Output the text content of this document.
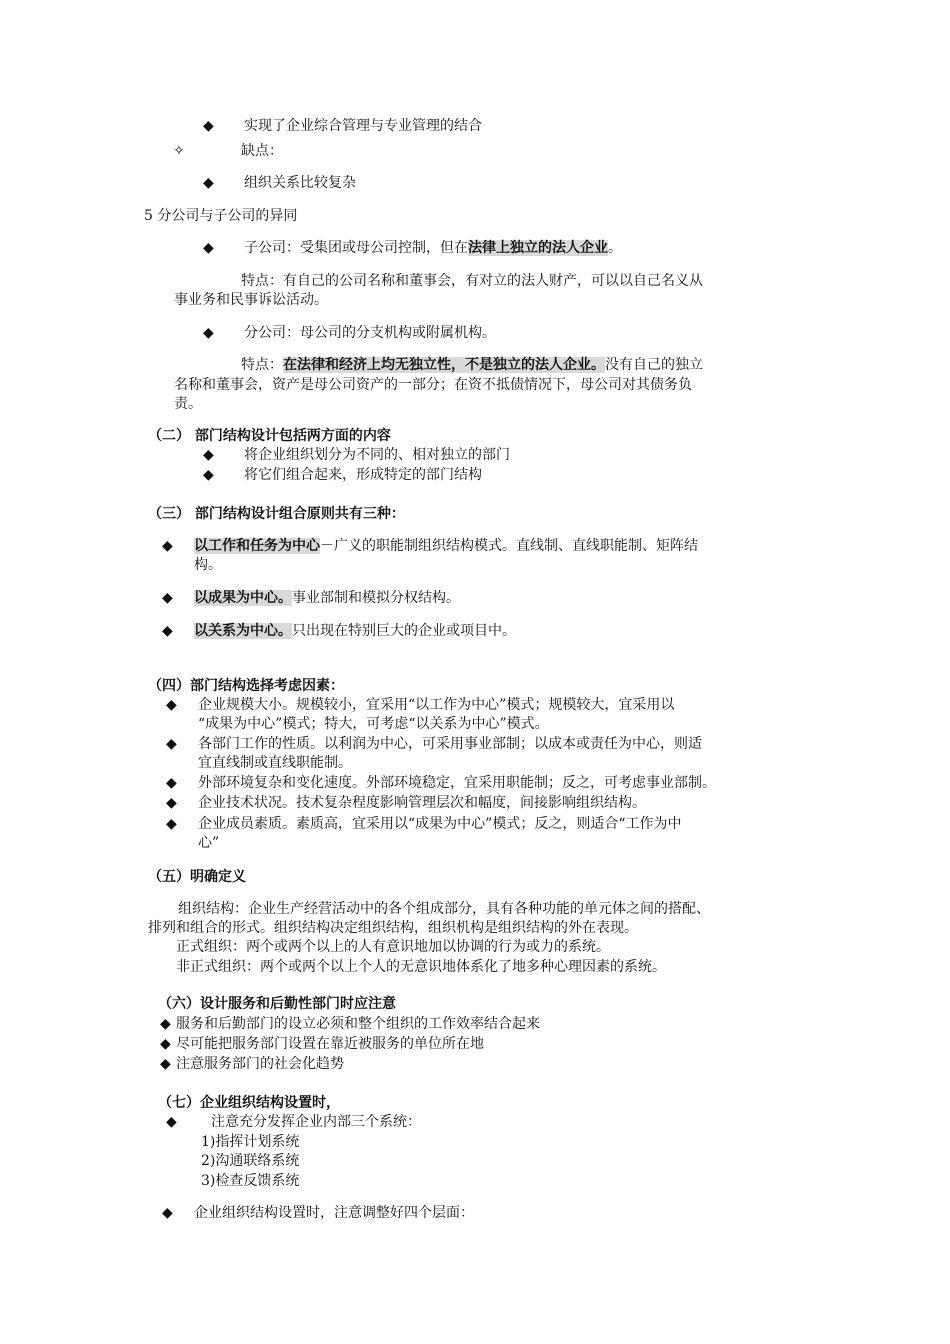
◆ 实现了企业综合管理与专业管理的结合
✧	缺点：
◆ 组织关系比较复杂
5 分公司与子公司的异同
◆ 子公司：受集团或母公司控制，但在法律上独立的法人企业。
特点：有自己的公司名称和董事会，有对立的法人财产，可以以自己名义从
事业务和民事诉讼活动。
◆ 分公司：母公司的分支机构或附属机构。
特点：在法律和经济上均无独立性，不是独立的法人企业。没有自己的独立
名称和董事会，资产是母公司资产的一部分；在资不抵债情况下，母公司对其债务负
责。
（二） 部门结构设计包括两方面的内容
◆ 将企业组织划分为不同的、相对独立的部门
◆ 将它们组合起来，形成特定的部门结构
（三） 部门结构设计组合原则共有三种：
◆ 以工作和任务为中心－广义的职能制组织结构模式。直线制、直线职能制、矩阵结
构。
◆ 以成果为中心。事业部制和模拟分权结构。
◆ 以关系为中心。只出现在特别巨大的企业或项目中。
（四）部门结构选择考虑因素：
◆ 企业规模大小。规模较小，宜采用“以工作为中心”模式；规模较大，宜采用以
“成果为中心”模式；特大，可考虑“以关系为中心”模式。
◆ 各部门工作的性质。以利润为中心，可采用事业部制；以成本或责任为中心，则适
宜直线制或直线职能制。
◆ 外部环境复杂和变化速度。外部环境稳定，宜采用职能制；反之，可考虑事业部制。
◆ 企业技术状况。技术复杂程度影响管理层次和幅度，间接影响组织结构。
◆ 企业成员素质。素质高，宜采用以“成果为中心”模式；反之，则适合“工作为中
心”
（五）明确定义
组织结构：企业生产经营活动中的各个组成部分，具有各种功能的单元体之间的搭配、
排列和组合的形式。组织结构决定组织结构，组织机构是组织结构的外在表现。
正式组织：两个或两个以上的人有意识地加以协调的行为或力的系统。
非正式组织：两个或两个以上个人的无意识地体系化了地多种心理因素的系统。
（六）设计服务和后勤性部门时应注意
◆ 服务和后勤部门的设立必须和整个组织的工作效率结合起来
◆ 尽可能把服务部门设置在靠近被服务的单位所在地
◆ 注意服务部门的社会化趋势
（七）企业组织结构设置时，
◆ 注意充分发挥企业内部三个系统：
1)指挥计划系统
2)沟通联络系统
3)检查反馈系统
◆ 企业组织结构设置时，注意调整好四个层面：
